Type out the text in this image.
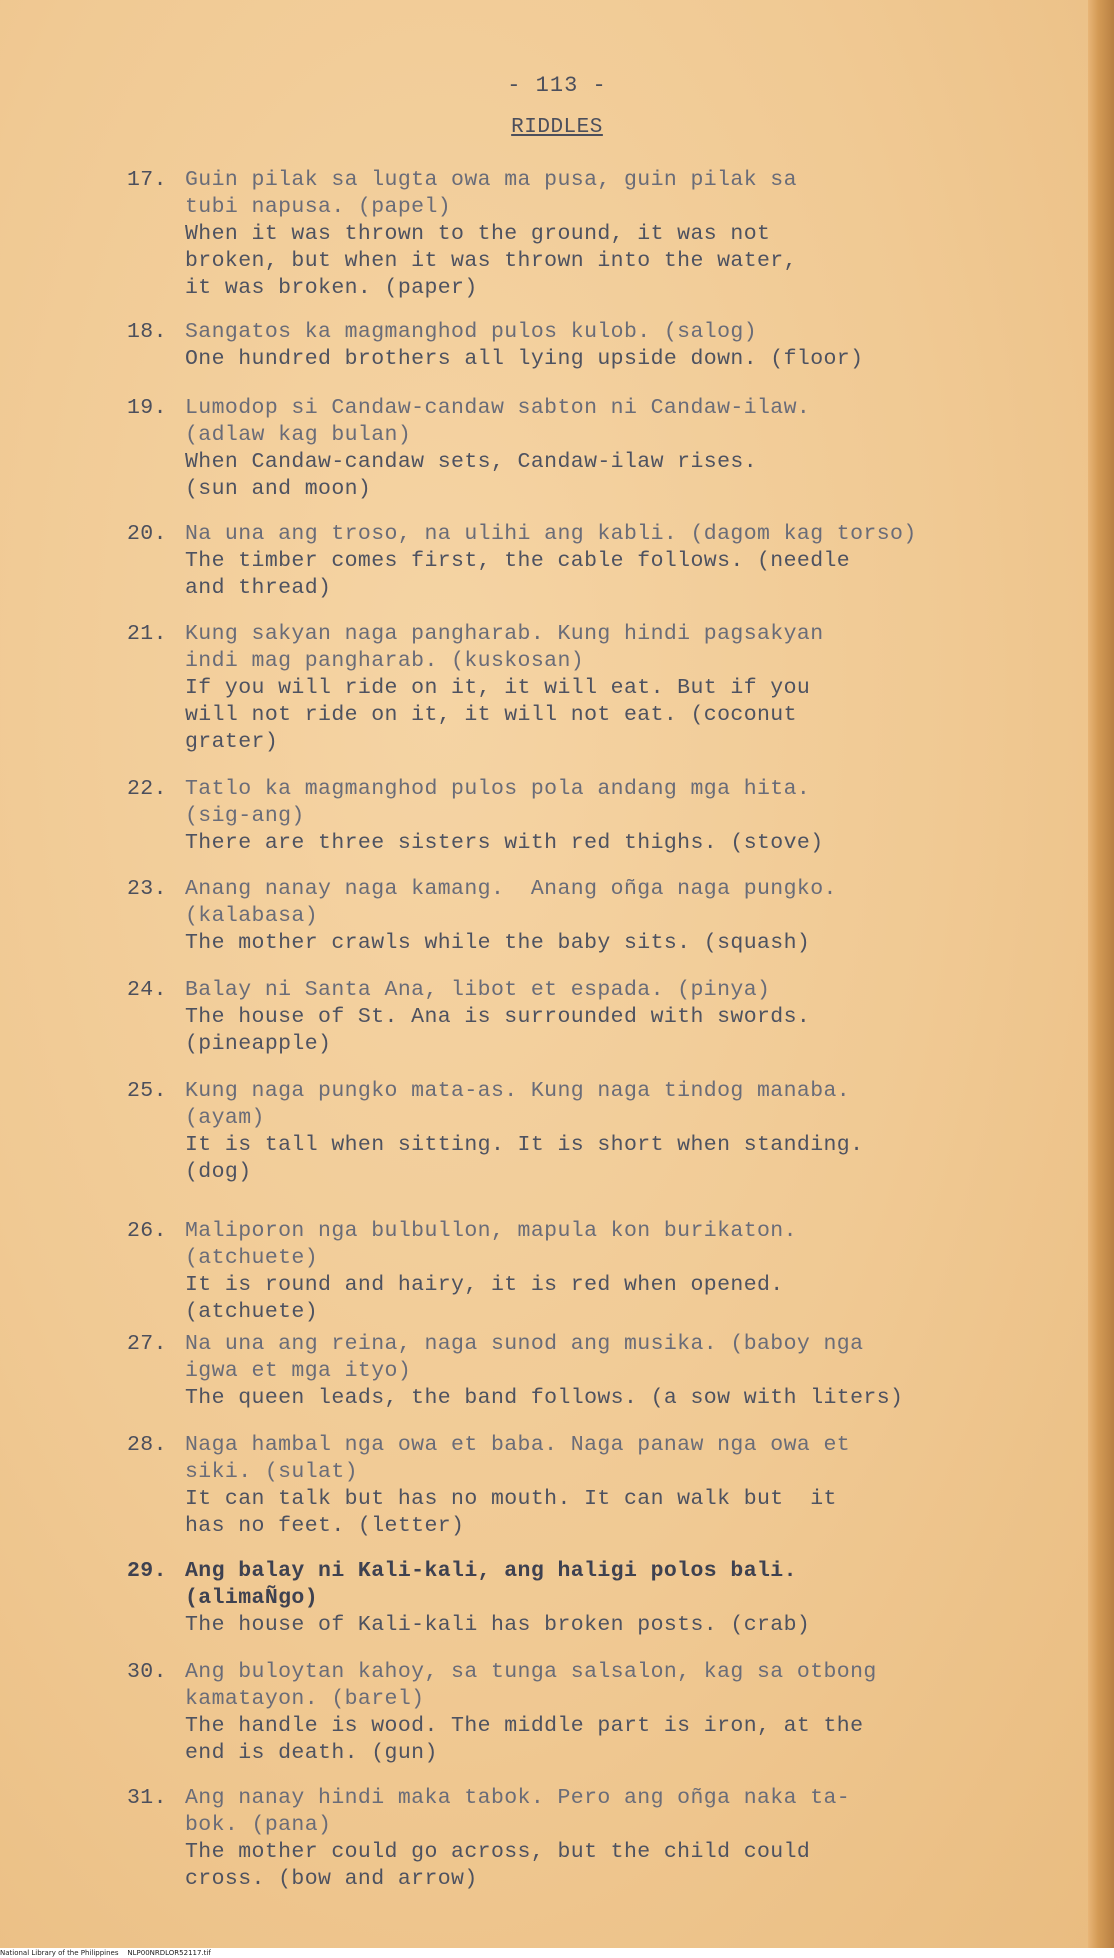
- 113 -
RIDDLES
17. Guin pilak sa lugta owa ma pusa, guin pilak sa
tubi napusa. (papel)
When it was thrown to the ground, it was not
broken, but when it was thrown into the water,
it was broken. (paper)
18. Sangatos ka magmanghod pulos kulob. (salog)
One hundred brothers all lying upside down. (floor)
19. Lumodop si Candaw-candaw sabton ni Candaw-ilaw.
(adlaw kag bulan)
When Candaw-candaw sets, Candaw-ilaw rises.
(sun and moon)
20. Na una ang troso, na ulihi ang kabli. (dagom kag torso)
The timber comes first, the cable follows. (needle
and thread)
21. Kung sakyan naga pangharab. Kung hindi pagsakyan
indi mag pangharab. (kuskosan)
If you will ride on it, it will eat. But if you
will not ride on it, it will not eat. (coconut
grater)
22. Tatlo ka magmanghod pulos pola andang mga hita.
(sig-ang)
There are three sisters with red thighs. (stove)
23. Anang nanay naga kamang.  Anang oñga naga pungko.
(kalabasa)
The mother crawls while the baby sits. (squash)
24. Balay ni Santa Ana, libot et espada. (pinya)
The house of St. Ana is surrounded with swords.
(pineapple)
25. Kung naga pungko mata-as. Kung naga tindog manaba.
(ayam)
It is tall when sitting. It is short when standing.
(dog)
26. Maliporon nga bulbullon, mapula kon burikaton.
(atchuete)
It is round and hairy, it is red when opened.
(atchuete)
27. Na una ang reina, naga sunod ang musika. (baboy nga
igwa et mga ityo)
The queen leads, the band follows. (a sow with liters)
28. Naga hambal nga owa et baba. Naga panaw nga owa et
siki. (sulat)
It can talk but has no mouth. It can walk but  it
has no feet. (letter)
29. Ang balay ni Kali-kali, ang haligi polos bali.
(alimaÑgo)
The house of Kali-kali has broken posts. (crab)
30. Ang buloytan kahoy, sa tunga salsalon, kag sa otbong
kamatayon. (barel)
The handle is wood. The middle part is iron, at the
end is death. (gun)
31. Ang nanay hindi maka tabok. Pero ang oñga naka ta-
bok. (pana)
The mother could go across, but the child could
cross. (bow and arrow)
National Library of the Philippines    NLP00NRDLOR52117.tif
